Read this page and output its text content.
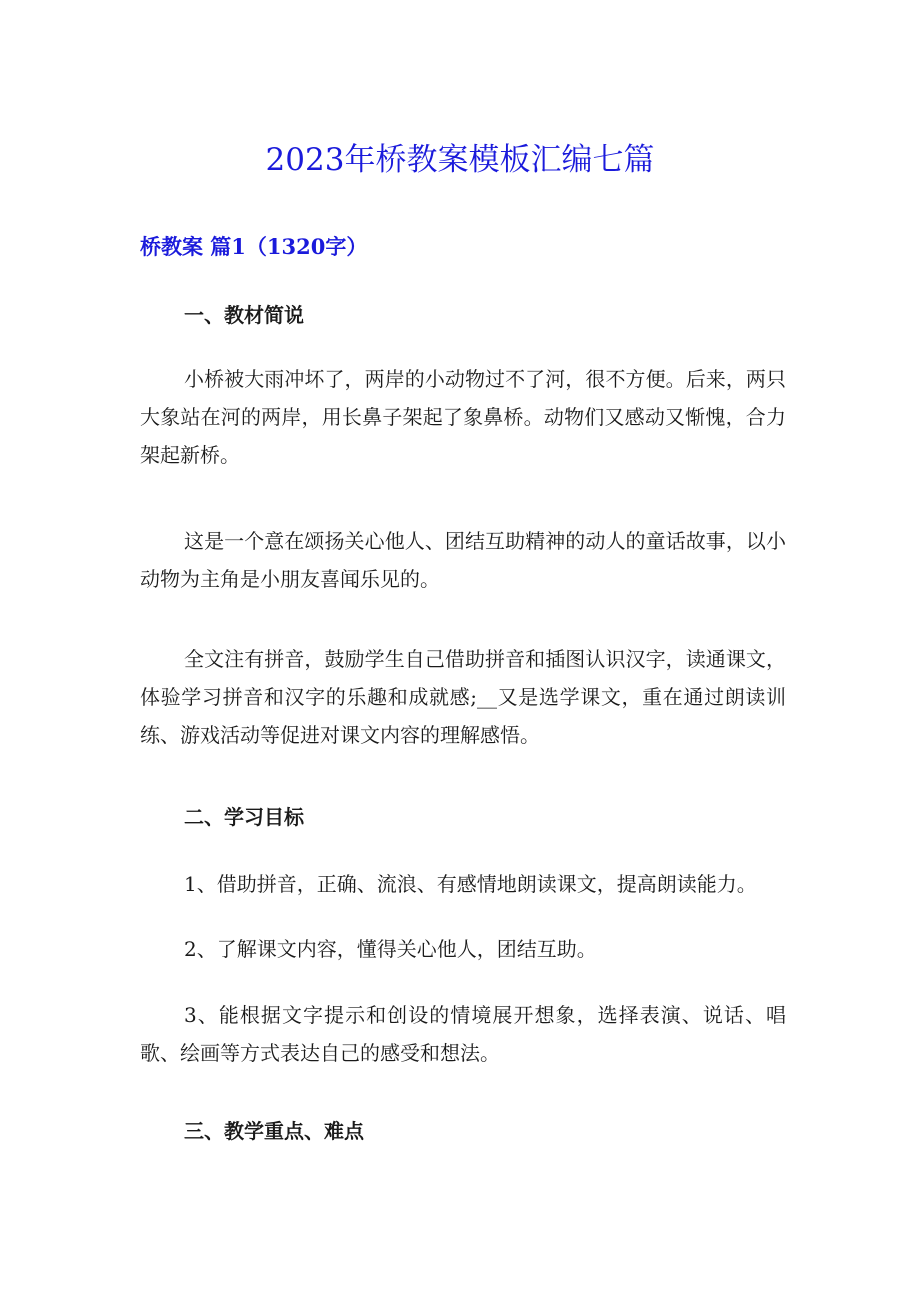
2023年桥教案模板汇编七篇
桥教案 篇1（1320字）
一、教材简说

小桥被大雨冲坏了，两岸的小动物过不了河，很不方便。后来，两只大象站在河的两岸，用长鼻子架起了象鼻桥。动物们又感动又惭愧，合力架起新桥。

这是一个意在颂扬关心他人、团结互助精神的动人的童话故事，以小动物为主角是小朋友喜闻乐见的。

全文注有拼音，鼓励学生自己借助拼音和插图认识汉字，读通课文，体验学习拼音和汉字的乐趣和成就感;__又是选学课文，重在通过朗读训练、游戏活动等促进对课文内容的理解感悟。

二、学习目标

1、借助拼音，正确、流浪、有感情地朗读课文，提高朗读能力。

2、了解课文内容，懂得关心他人，团结互助。

3、能根据文字提示和创设的情境展开想象，选择表演、说话、唱歌、绘画等方式表达自己的感受和想法。

三、教学重点、难点
